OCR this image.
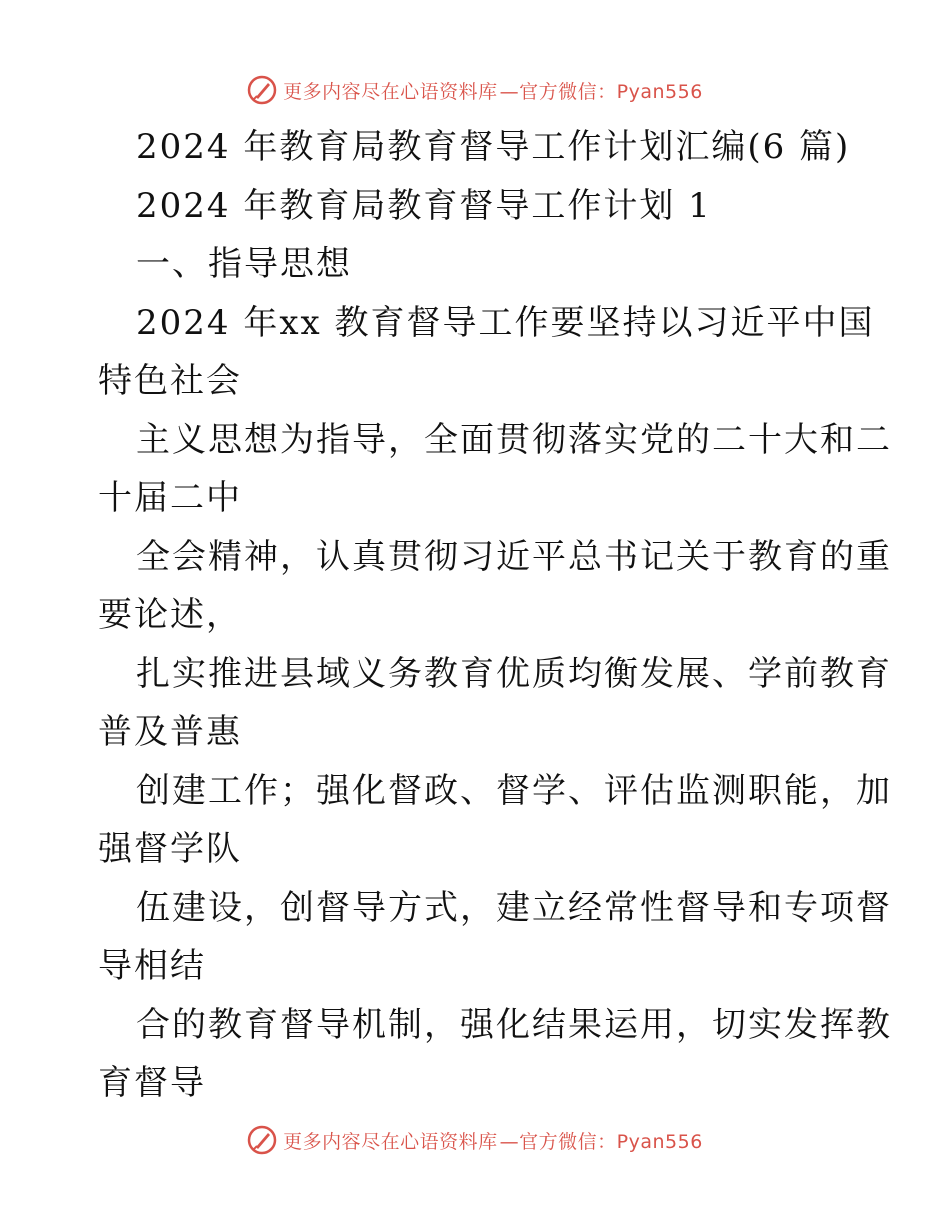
更多内容尽在心语资料库 —官方微信：Pyan556
2024 年教育局教育督导工作计划汇编(6 篇)
2024 年教育局教育督导工作计划 1
一、指导思想
2024 年xx 教育督导工作要坚持以习近平中国
特色社会
主义思想为指导，全面贯彻落实党的二十大和二
十届二中
全会精神，认真贯彻习近平总书记关于教育的重
要论述，
扎实推进县域义务教育优质均衡发展、学前教育
普及普惠
创建工作；强化督政、督学、评估监测职能，加
强督学队
伍建设，创督导方式，建立经常性督导和专项督
导相结
合的教育督导机制，强化结果运用，切实发挥教
育督导
更多内容尽在心语资料库 —官方微信：Pyan556
